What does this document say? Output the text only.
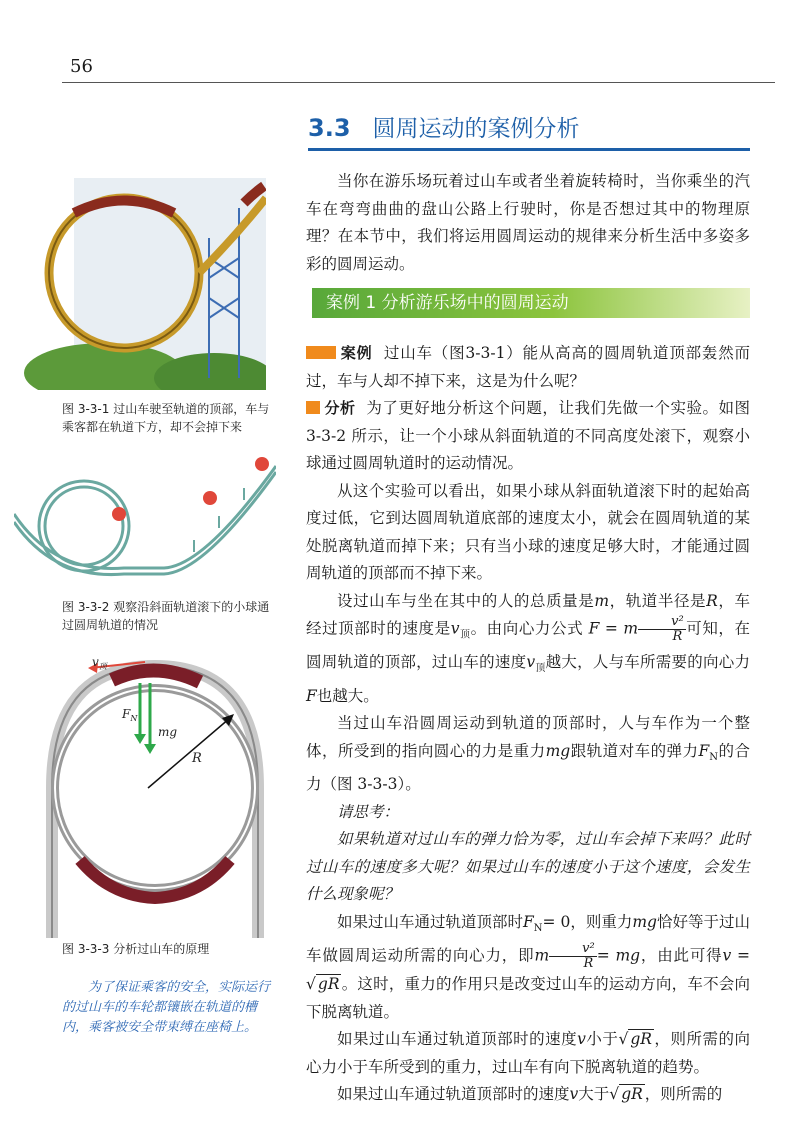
56
3.3 圆周运动的案例分析

当你在游乐场玩着过山车或者坐着旋转椅时，当你乘坐的汽车在弯弯曲曲的盘山公路上行驶时，你是否想过其中的物理原理？在本节中，我们将运用圆周运动的规律来分析生活中多姿多彩的圆周运动。

案例 1 分析游乐场中的圆周运动

案例 过山车（图3-3-1）能从高高的圆周轨道顶部轰然而过，车与人却不掉下来，这是为什么呢？

分析 为了更好地分析这个问题，让我们先做一个实验。如图 3-3-2 所示，让一个小球从斜面轨道的不同高度处滚下，观察小球通过圆周轨道时的运动情况。

从这个实验可以看出，如果小球从斜面轨道滚下时的起始高度过低，它到达圆周轨道底部的速度太小，就会在圆周轨道的某处脱离轨道而掉下来；只有当小球的速度足够大时，才能通过圆周轨道的顶部而不掉下来。

设过山车与坐在其中的人的总质量是m，轨道半径是R，车经过顶部时的速度是$v_顶$。由向心力公式 F = m $\frac{\text{v²}}{R}$ 可知，在圆周轨道的顶部，过山车的速度$v_顶$越大，人与车所需要的向心力F也越大。

当过山车沿圆周运动到轨道的顶部时，人与车作为一个整体，所受到的指向圆心的力是重力mg跟轨道对车的弹力$F_N$的合力（图 3-3-3）。

请思考：

如果轨道对过山车的弹力恰为零，过山车会掉下来吗？此时过山车的速度多大呢？如果过山车的速度小于这个速度，会发生什么现象呢？

如果过山车通过轨道顶部时$F_N= 0$，则重力mg恰好等于过山车做圆周运动所需的向心力，即m $\frac{\text{v²}}{R}$ = mg，由此可得v = √ gR 。这时，重力的作用只是改变过山车的运动方向，车不会向下脱离轨道。

如果过山车通过轨道顶部时的速度v小于√ gR ，则所需的向心力小于车所受到的重力，过山车有向下脱离轨道的趋势。

如果过山车通过轨道顶部时的速度v大于√ gR ，则所需的

图 3-3-1 过山车驶至轨道的顶部，车与乘客都在轨道下方，却不会掉下来
图 3-3-2 观察沿斜面轨道滚下的小球通过圆周轨道的情况
$v_顶$
$F_N$
mg
R
图 3-3-3 分析过山车的原理
为了保证乘客的安全，实际运行的过山车的车轮都镶嵌在轨道的槽内，乘客被安全带束缚在座椅上。
